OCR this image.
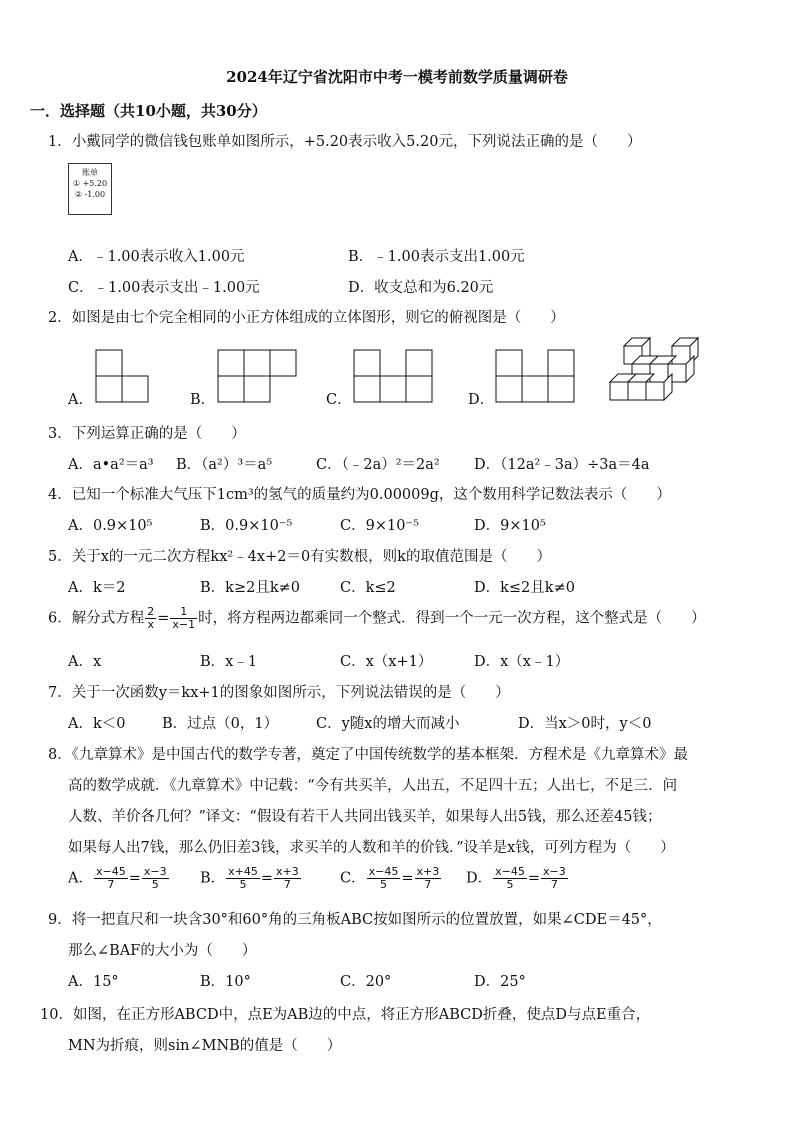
2024年辽宁省沈阳市中考一模考前数学质量调研卷
一．选择题（共10小题，共30分）
1．小戴同学的微信钱包账单如图所示，+5.20表示收入5.20元，下列说法正确的是（　　）
账单
① +5.20
② -1.00
A．﹣1.00表示收入1.00元	B．﹣1.00表示支出1.00元
C．﹣1.00表示支出﹣1.00元	D．收支总和为6.20元
2．如图是由七个完全相同的小正方体组成的立体图形，则它的俯视图是（　　）
A．	B．	C．	D．
3．下列运算正确的是（　　）
A．a•a²＝a³ B．（a²）³＝a⁵	C．（﹣2a）²＝2a² D．（12a²﹣3a）÷3a＝4a
4．已知一个标准大气压下1cm³的氢气的质量约为0.00009g，这个数用科学记数法表示（　　）
A．0.9×10⁵	B．0.9×10⁻⁵	C．9×10⁻⁵	D．9×10⁵
5．关于x的一元二次方程kx²﹣4x+2＝0有实数根，则k的取值范围是（　　）
A．k＝2	B．k≥2且k≠0	C．k≤2	D．k≤2且k≠0
6．解分式方程 $\frac{2}{x} = \frac{1}{x-1}$ 时，将方程两边都乘同一个整式．得到一个一元一次方程，这个整式是（　　）
A．x	B．x﹣1	C．x（x+1）	D．x（x﹣1）
7．关于一次函数y＝kx+1的图象如图所示，下列说法错误的是（　　）
A．k＜0	B．过点（0，1）	C．y随x的增大而减小	D．当x＞0时，y＜0
8．《九章算术》是中国古代的数学专著，奠定了中国传统数学的基本框架．方程术是《九章算术》最
高的数学成就．《九章算术》中记载：“今有共买羊，人出五，不足四十五；人出七，不足三．问
人数、羊价各几何？”译文：“假设有若干人共同出钱买羊，如果每人出5钱，那么还差45钱；
如果每人出7钱，那么仍旧差3钱，求买羊的人数和羊的价钱．”设羊是x钱，可列方程为（　　）
A． $\frac{x-45}{7} = \frac{x-3}{5}$ B． $\frac{x+45}{5} = \frac{x+3}{7}$	C． $\frac{x-45}{5} = \frac{x+3}{7}$ D． $\frac{x-45}{5} = \frac{x-3}{7}$
9．将一把直尺和一块含30°和60°角的三角板ABC按如图所示的位置放置，如果∠CDE＝45°，
那么∠BAF的大小为（　　）
A．15°	B．10°	C．20°	D．25°
10．如图，在正方形ABCD中，点E为AB边的中点，将正方形ABCD折叠，使点D与点E重合，
MN为折痕，则sin∠MNB的值是（　　）
